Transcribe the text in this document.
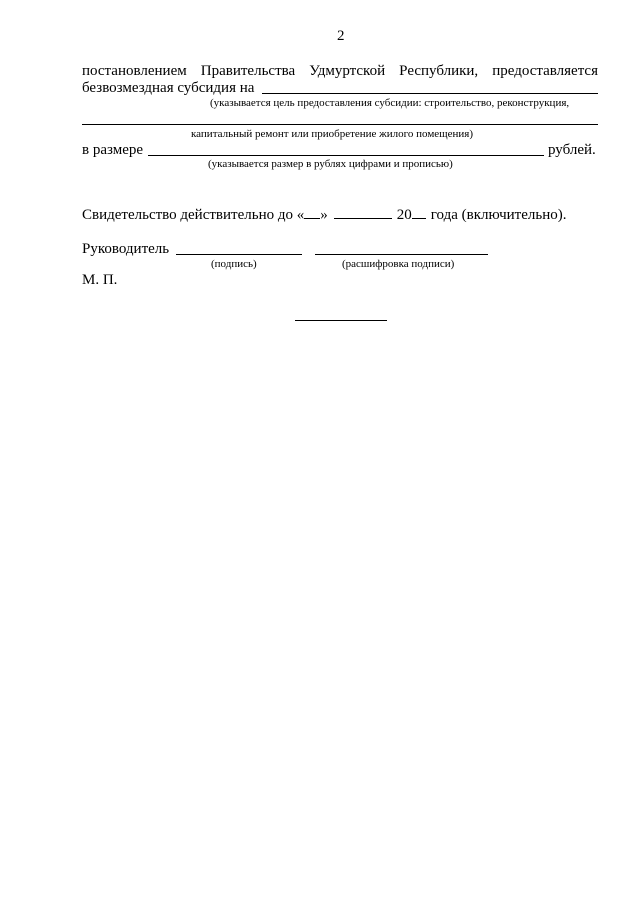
2
постановлением Правительства Удмуртской Республики, предоставляется
безвозмездная субсидия на
(указывается цель предоставления субсидии: строительство, реконструкция,
капитальный ремонт или приобретение жилого помещения)
в размере	рублей.
(указывается размер в рублях цифрами и прописью)
Свидетельство действительно до « »	20 года (включительно).
Руководитель
(подпись)	(расшифровка подписи)
М. П.
